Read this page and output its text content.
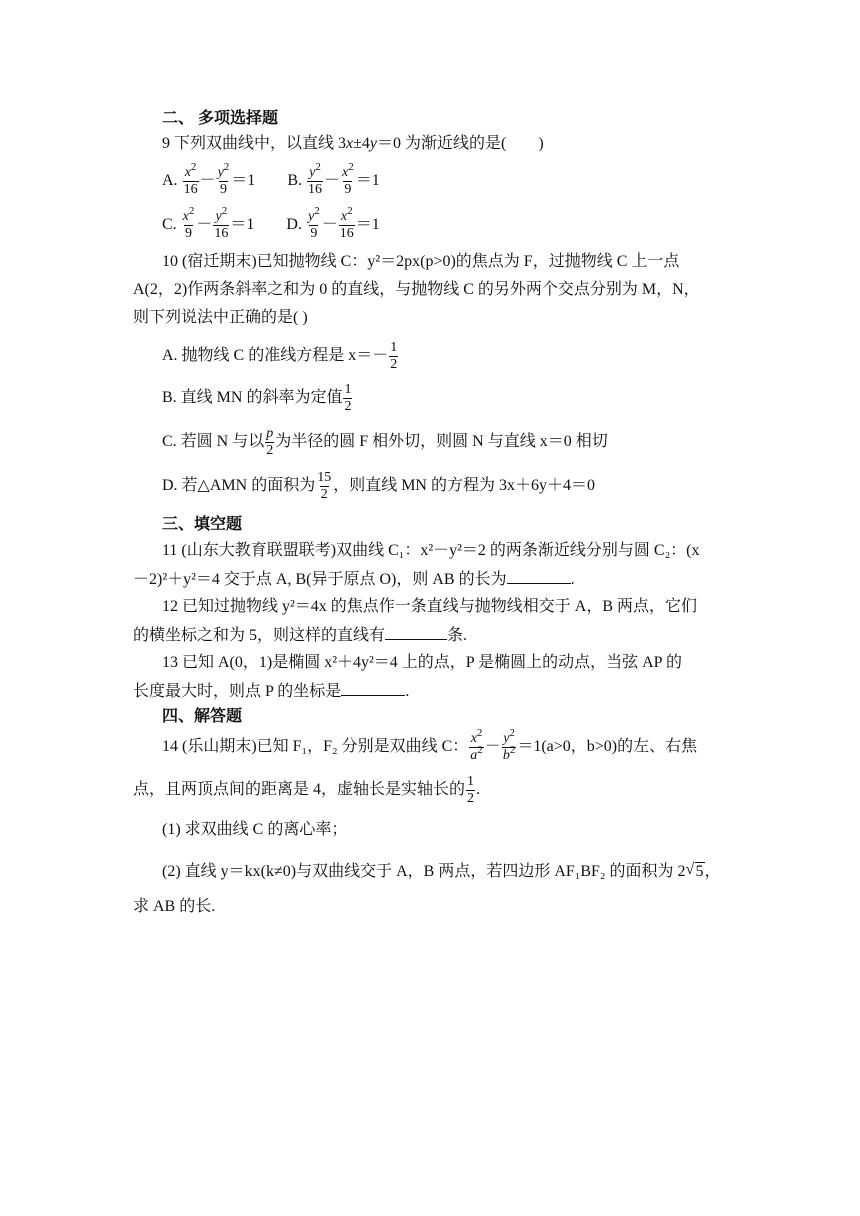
二、 多项选择题
9 下列双曲线中，以直线 3x±4y＝0 为渐近线的是( )
A. $\frac{x^2}{16} - \frac{y^2}{9} =1$ B. $\frac{y^2}{16} - \frac{x^2}{9} =1$
C. $\frac{x^2}{9} - \frac{y^2}{16} =1$ D. $\frac{y^2}{9} - \frac{x^2}{16} =1$
10 (宿迁期末)已知抛物线 C：y²＝2px(p>0)的焦点为 F，过抛物线 C 上一点
A(2，2)作两条斜率之和为 0 的直线，与抛物线 C 的另外两个交点分别为 M，N，
则下列说法中正确的是( )
A. 抛物线 C 的准线方程是 $x=- \frac{1}{2}$
B. 直线 MN 的斜率为定值 $\frac{1}{2}$
C. 若圆 N 与以 $\frac{p}{2}$ 为半径的圆 F 相外切，则圆 N 与直线 x＝0 相切
D. 若△AMN 的面积为 $\frac{15}{2}$ ，则直线 MN 的方程为 3x＋6y＋4＝0
三、填空题
11 (山东大教育联盟联考)双曲线 C₁：x²－y²＝2 的两条渐近线分别与圆 C₂：(x
－2)²＋y²＝4 交于点 A, B(异于原点 O)，则 AB 的长为	.
12 已知过抛物线 y²＝4x 的焦点作一条直线与抛物线相交于 A，B 两点，它们
的横坐标之和为 5，则这样的直线有	条.
13 已知 A(0，1)是椭圆 x²＋4y²＝4 上的点，P 是椭圆上的动点，当弦 AP 的
长度最大时，则点 P 的坐标是	.
四、解答题
14 (乐山期末)已知 F₁，F₂ 分别是双曲线 C： $\frac{x^2}{a^2} - \frac{y^2}{b^2} =1(a>0$，b>0)的左、右焦
点，且两顶点间的距离是 4，虚轴长是实轴长的 $\frac{1}{2}$ .
(1) 求双曲线 C 的离心率；
(2) 直线 y＝kx(k≠0)与双曲线交于 A，B 两点，若四边形 AF₁BF₂ 的面积为 2√ 5，
求 AB 的长.
